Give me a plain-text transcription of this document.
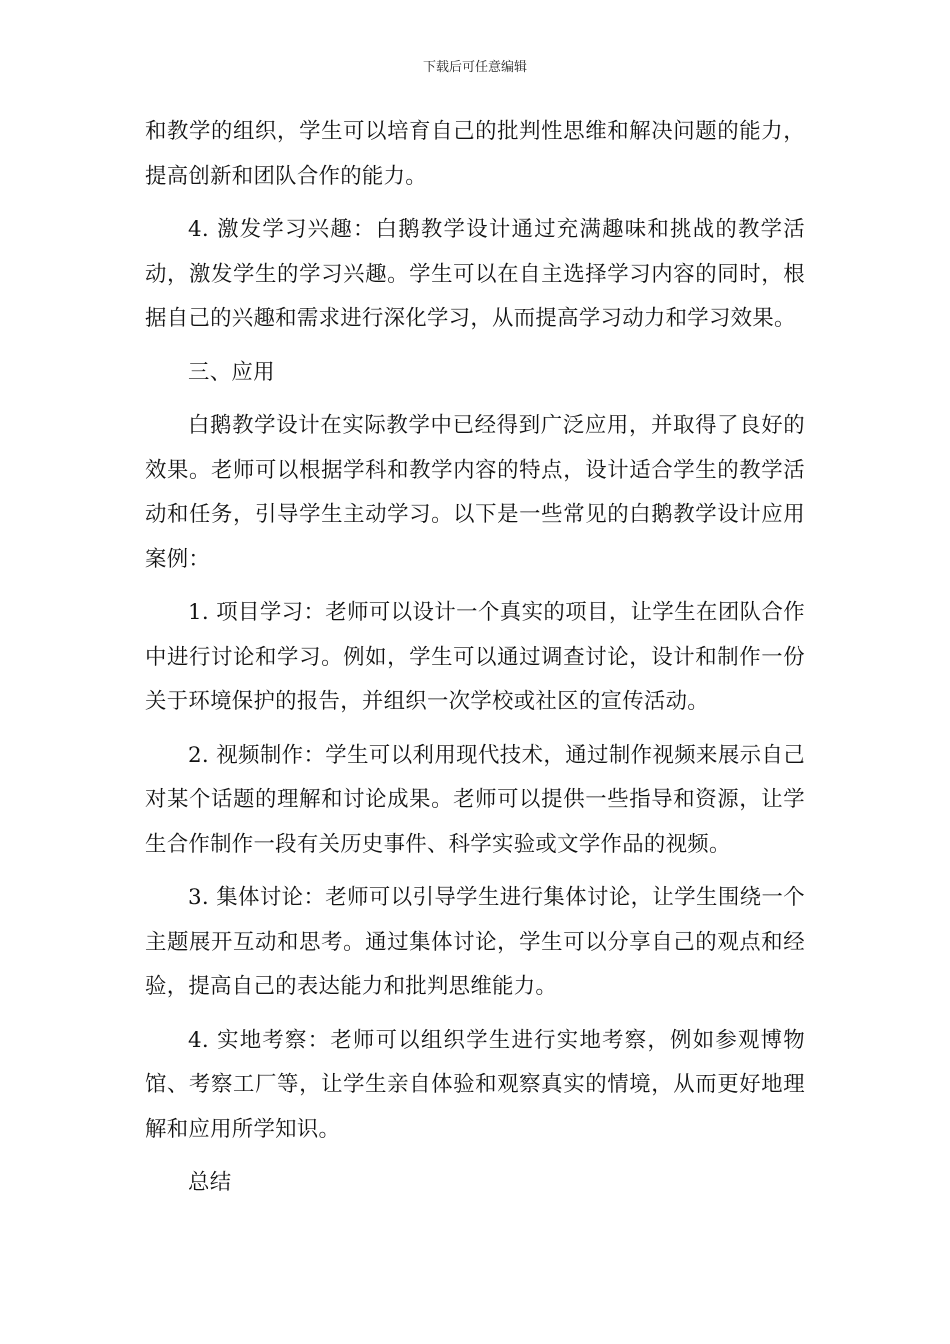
下载后可任意编辑

和教学的组织，学生可以培育自己的批判性思维和解决问题的能力，提高创新和团队合作的能力。

4. 激发学习兴趣：白鹅教学设计通过充满趣味和挑战的教学活动，激发学生的学习兴趣。学生可以在自主选择学习内容的同时，根据自己的兴趣和需求进行深化学习，从而提高学习动力和学习效果。

三、应用

白鹅教学设计在实际教学中已经得到广泛应用，并取得了良好的效果。老师可以根据学科和教学内容的特点，设计适合学生的教学活动和任务，引导学生主动学习。以下是一些常见的白鹅教学设计应用案例：

1. 项目学习：老师可以设计一个真实的项目，让学生在团队合作中进行讨论和学习。例如，学生可以通过调查讨论，设计和制作一份关于环境保护的报告，并组织一次学校或社区的宣传活动。

2. 视频制作：学生可以利用现代技术，通过制作视频来展示自己对某个话题的理解和讨论成果。老师可以提供一些指导和资源，让学生合作制作一段有关历史事件、科学实验或文学作品的视频。

3. 集体讨论：老师可以引导学生进行集体讨论，让学生围绕一个主题展开互动和思考。通过集体讨论，学生可以分享自己的观点和经验，提高自己的表达能力和批判思维能力。

4. 实地考察：老师可以组织学生进行实地考察，例如参观博物馆、考察工厂等，让学生亲自体验和观察真实的情境，从而更好地理解和应用所学知识。

总结
